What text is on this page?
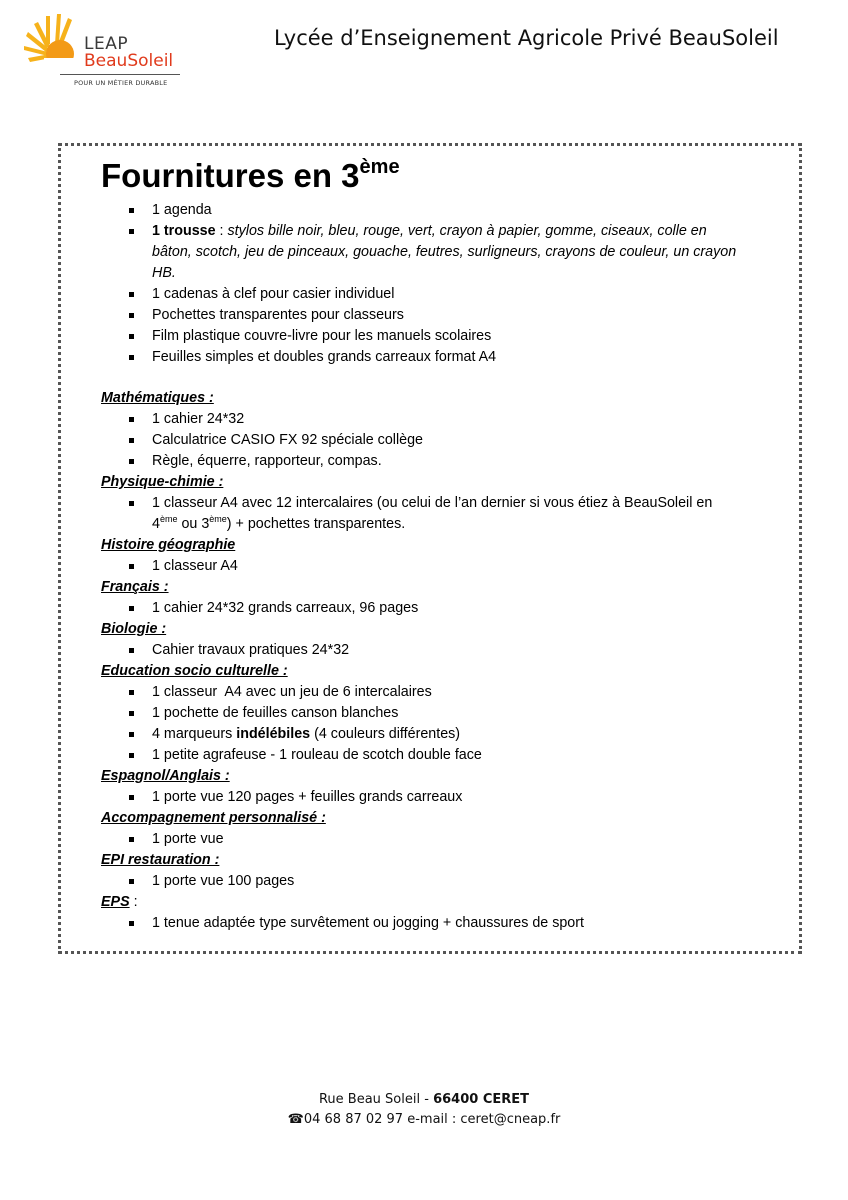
LEAP
BeauSoleil
POUR UN MÉTIER DURABLE
Lycée d’Enseignement Agricole Privé BeauSoleil
Fournitures en 3ème
1 agenda
1 trousse : stylos bille noir, bleu, rouge, vert, crayon à papier, gomme, ciseaux, colle en bâton, scotch, jeu de pinceaux, gouache, feutres, surligneurs, crayons de couleur, un crayon HB.
1 cadenas à clef pour casier individuel
Pochettes transparentes pour classeurs
Film plastique couvre-livre pour les manuels scolaires
Feuilles simples et doubles grands carreaux format A4
Mathématiques :
1 cahier 24*32
Calculatrice CASIO FX 92 spéciale collège
Règle, équerre, rapporteur, compas.
Physique-chimie :
1 classeur A4 avec 12 intercalaires (ou celui de l’an dernier si vous étiez à BeauSoleil en 4ème ou 3ème) + pochettes transparentes.
Histoire géographie
1 classeur A4
Français :
1 cahier 24*32 grands carreaux, 96 pages
Biologie :
Cahier travaux pratiques 24*32
Education socio culturelle :
1 classeur  A4 avec un jeu de 6 intercalaires
1 pochette de feuilles canson blanches
4 marqueurs indélébiles (4 couleurs différentes)
1 petite agrafeuse - 1 rouleau de scotch double face
Espagnol/Anglais :
1 porte vue 120 pages + feuilles grands carreaux
Accompagnement personnalisé :
1 porte vue
EPI restauration :
1 porte vue 100 pages
EPS :
1 tenue adaptée type survêtement ou jogging + chaussures de sport
Rue Beau Soleil - 66400 CERET
☎04 68 87 02 97 e-mail : ceret@cneap.fr
